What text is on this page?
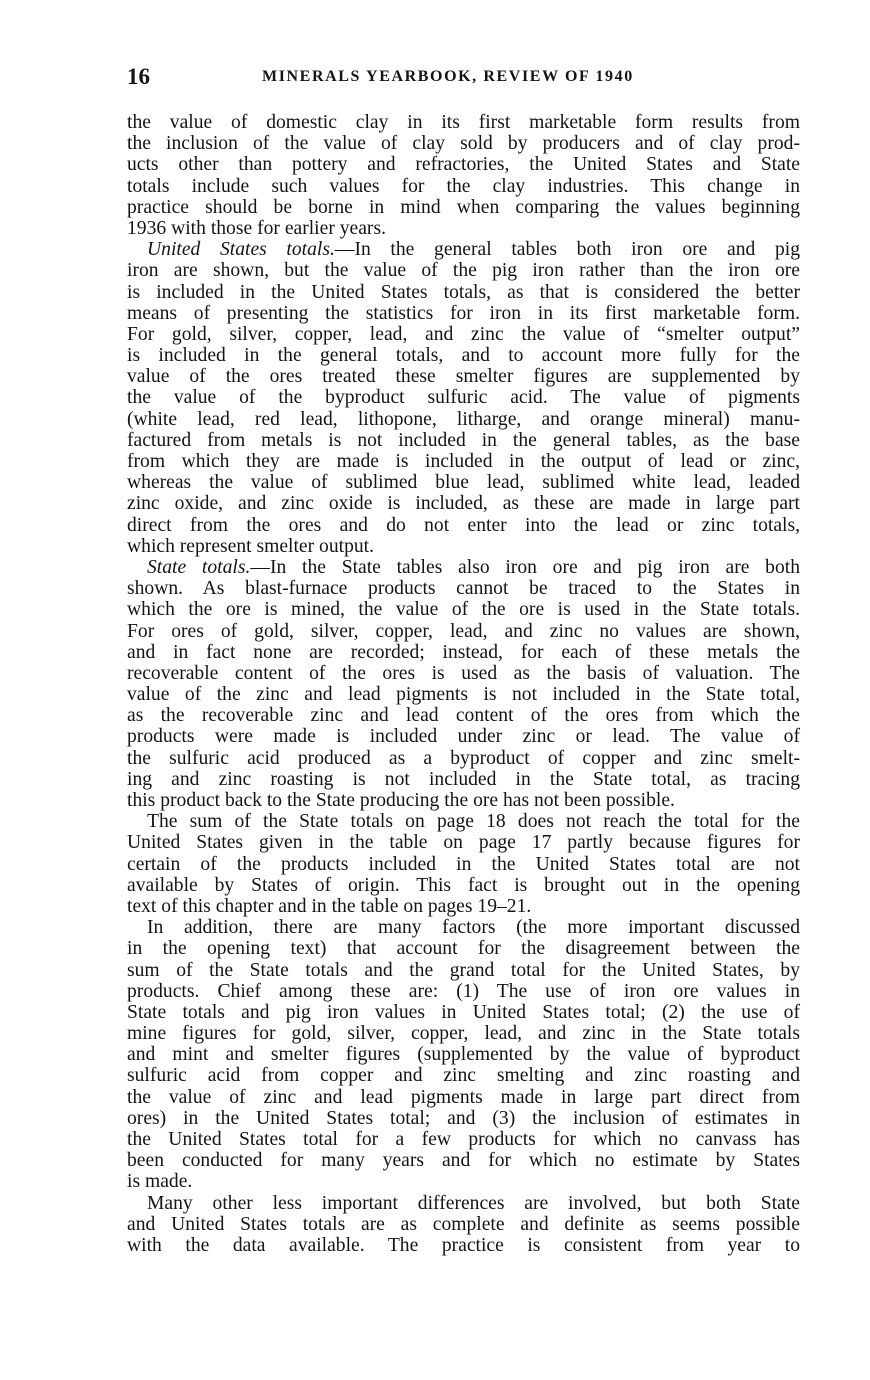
16	MINERALS YEARBOOK, REVIEW OF 1940
the value of domestic clay in its first marketable form results from
the inclusion of the value of clay sold by producers and of clay prod-
ucts other than pottery and refractories, the United States and State
totals include such values for the clay industries. This change in
practice should be borne in mind when comparing the values beginning
1936 with those for earlier years.
United States totals.—In the general tables both iron ore and pig
iron are shown, but the value of the pig iron rather than the iron ore
is included in the United States totals, as that is considered the better
means of presenting the statistics for iron in its first marketable form.
For gold, silver, copper, lead, and zinc the value of “smelter output”
is included in the general totals, and to account more fully for the
value of the ores treated these smelter figures are supplemented by
the value of the byproduct sulfuric acid. The value of pigments
(white lead, red lead, lithopone, litharge, and orange mineral) manu-
factured from metals is not included in the general tables, as the base
from which they are made is included in the output of lead or zinc,
whereas the value of sublimed blue lead, sublimed white lead, leaded
zinc oxide, and zinc oxide is included, as these are made in large part
direct from the ores and do not enter into the lead or zinc totals,
which represent smelter output.
State totals.—In the State tables also iron ore and pig iron are both
shown. As blast-furnace products cannot be traced to the States in
which the ore is mined, the value of the ore is used in the State totals.
For ores of gold, silver, copper, lead, and zinc no values are shown,
and in fact none are recorded; instead, for each of these metals the
recoverable content of the ores is used as the basis of valuation. The
value of the zinc and lead pigments is not included in the State total,
as the recoverable zinc and lead content of the ores from which the
products were made is included under zinc or lead. The value of
the sulfuric acid produced as a byproduct of copper and zinc smelt-
ing and zinc roasting is not included in the State total, as tracing
this product back to the State producing the ore has not been possible.
The sum of the State totals on page 18 does not reach the total for the
United States given in the table on page 17 partly because figures for
certain of the products included in the United States total are not
available by States of origin. This fact is brought out in the opening
text of this chapter and in the table on pages 19–21.
In addition, there are many factors (the more important discussed
in the opening text) that account for the disagreement between the
sum of the State totals and the grand total for the United States, by
products. Chief among these are: (1) The use of iron ore values in
State totals and pig iron values in United States total; (2) the use of
mine figures for gold, silver, copper, lead, and zinc in the State totals
and mint and smelter figures (supplemented by the value of byproduct
sulfuric acid from copper and zinc smelting and zinc roasting and
the value of zinc and lead pigments made in large part direct from
ores) in the United States total; and (3) the inclusion of estimates in
the United States total for a few products for which no canvass has
been conducted for many years and for which no estimate by States
is made.
Many other less important differences are involved, but both State
and United States totals are as complete and definite as seems possible
with the data available. The practice is consistent from year to
